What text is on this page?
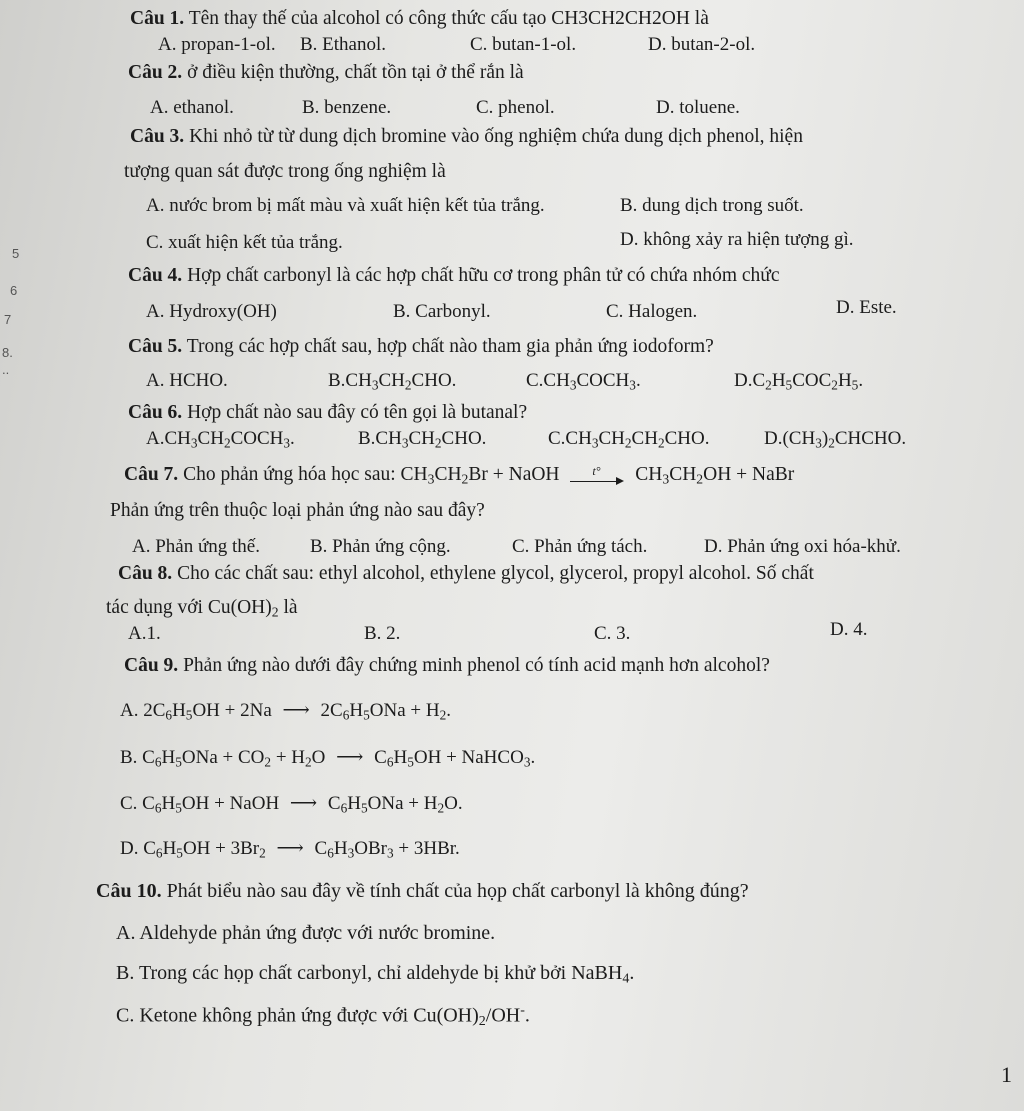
5
6
7
8.
..
Câu 1. Tên thay thế của alcohol có công thức cấu tạo CH3CH2CH2OH là
A. propan-1-ol. B. Ethanol.	C. butan-1-ol.	D. butan-2-ol.
Câu 2. ở điều kiện thường, chất tồn tại ở thể rắn là
A. ethanol.	B. benzene.	C. phenol.	D. toluene.
Câu 3. Khi nhỏ từ từ dung dịch bromine vào ống nghiệm chứa dung dịch phenol, hiện
tượng quan sát được trong ống nghiệm là
A. nước brom bị mất màu và xuất hiện kết tủa trắng.	B. dung dịch trong suốt.
C. xuất hiện kết tủa trắng.	D. không xảy ra hiện tượng gì.
Câu 4. Hợp chất carbonyl là các hợp chất hữu cơ trong phân tử có chứa nhóm chức
A. Hydroxy(OH)	B. Carbonyl.	C. Halogen.	D. Este.
Câu 5. Trong các hợp chất sau, hợp chất nào tham gia phản ứng iodoform?
A. HCHO.	$B.CH_3CH_2CHO$.	$C.CH_3COCH_3$.	$D.C_2H_5COC_2H_5$.
Câu 6. Hợp chất nào sau đây có tên gọi là butanal?
$A.CH_3CH_2COCH_3$.	$B.CH_3CH_2CHO$.	$C.CH_3CH_2CH_2CHO$.	$D.(CH_3)_2CHCHO$.
Câu 7. Cho phản ứng hóa học sau: $CH_3CH_2Br$ + NaOH t° $CH_3CH_2OH$ + NaBr
Phản ứng trên thuộc loại phản ứng nào sau đây?
A. Phản ứng thế.	B. Phản ứng cộng.	C. Phản ứng tách.	D. Phản ứng oxi hóa-khử.
Câu 8. Cho các chất sau: ethyl alcohol, ethylene glycol, glycerol, propyl alcohol. Số chất
tác dụng với $Cu(OH)_2$ là
A.1.	B. 2.	C. 3.	D. 4.
Câu 9. Phản ứng nào dưới đây chứng minh phenol có tính acid mạnh hơn alcohol?
A. $2C_6H_5OH + 2Na$ ⟶ $2C_6H_5ONa + H_2$.
B. $C_6H_5ONa + CO_2 + H_2O$ ⟶ $C_6H_5OH$ + NaHCO$_3$.
C. $C_6H_5OH$ + NaOH ⟶ $C_6H_5ONa + H_2O$.
D. $C_6H_5OH + 3Br_2$ ⟶ $C_6H_3OBr_3 + 3HBr$.
Câu 10. Phát biểu nào sau đây về tính chất của họp chất carbonyl là không đúng?
A. Aldehyde phản ứng được với nước bromine.
B. Trong các họp chất carbonyl, chỉ aldehyde bị khử bởi NaBH$_4$.
C. Ketone không phản ứng được với $Cu(OH)_2/OH^-$.
1
